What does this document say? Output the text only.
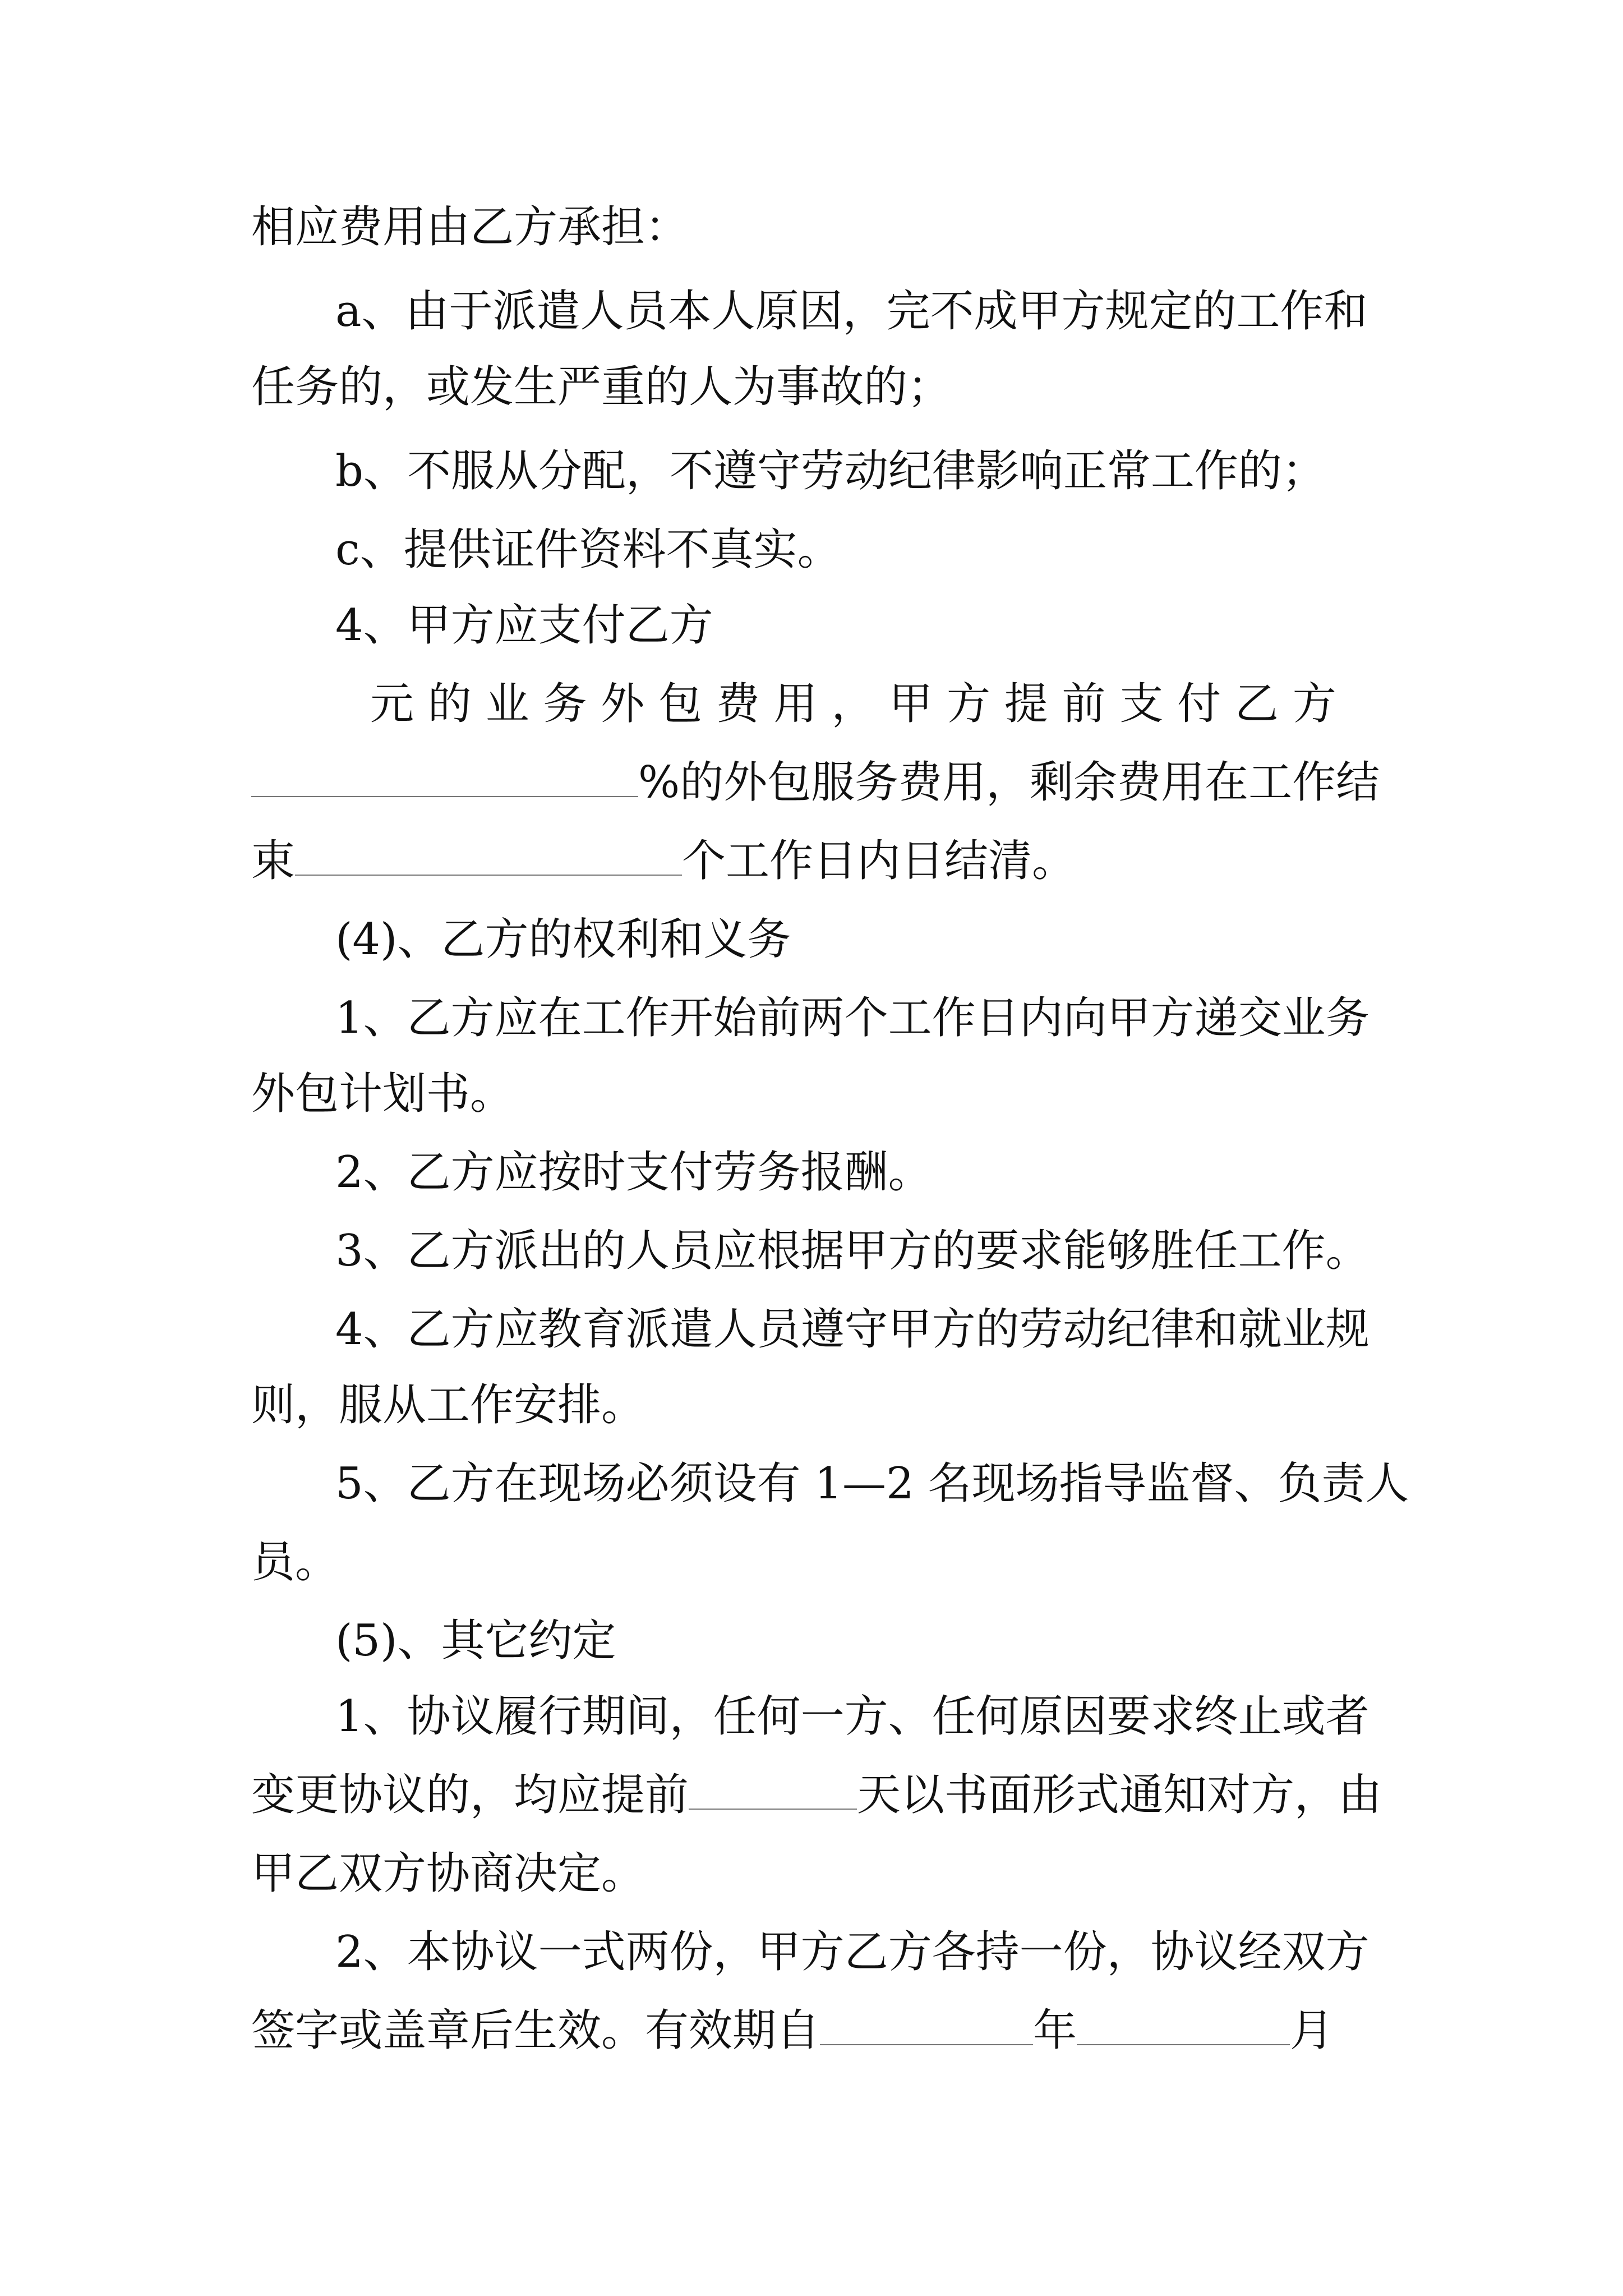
相应费用由乙方承担：
a、由于派遣人员本人原因，完不成甲方规定的工作和
任务的，或发生严重的人为事故的；
b、不服从分配，不遵守劳动纪律影响正常工作的；
c、提供证件资料不真实。
4、甲方应支付乙方
元 的 业 务 外 包 费 用 ， 甲 方 提 前 支 付 乙 方
%的外包服务费用，剩余费用在工作结
束	个工作日内日结清。
(4)、乙方的权利和义务
1、乙方应在工作开始前两个工作日内向甲方递交业务
外包计划书。
2、乙方应按时支付劳务报酬。
3、乙方派出的人员应根据甲方的要求能够胜任工作。
4、乙方应教育派遣人员遵守甲方的劳动纪律和就业规
则，服从工作安排。
5、乙方在现场必须设有 1—2 名现场指导监督、负责人
员。
(5)、其它约定
1、协议履行期间，任何一方、任何原因要求终止或者
变更协议的，均应提前	天以书面形式通知对方，由
甲乙双方协商决定。
2、本协议一式两份，甲方乙方各持一份，协议经双方
签字或盖章后生效。有效期自	年	月
